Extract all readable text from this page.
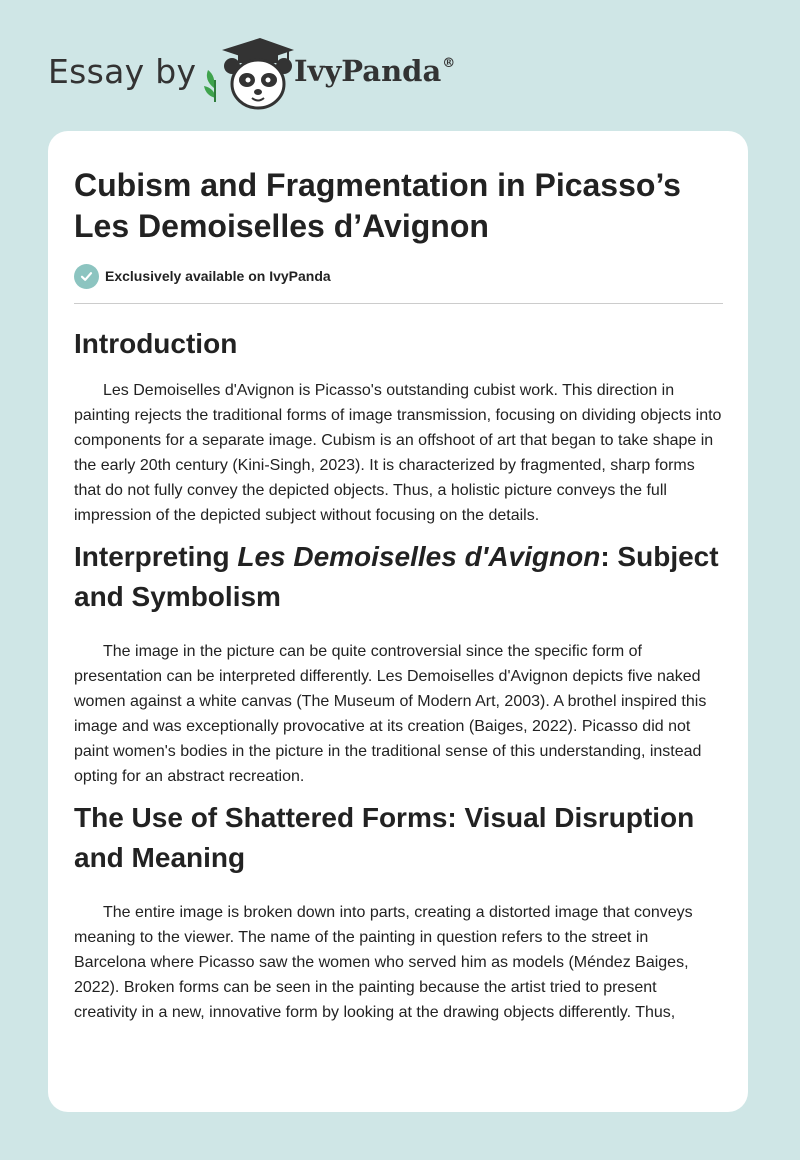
Essay by	IvyPanda®
Cubism and Fragmentation in Picasso’s Les Demoiselles d’Avignon
Exclusively available on IvyPanda
Introduction

Les Demoiselles d'Avignon is Picasso's outstanding cubist work. This direction in painting rejects the traditional forms of image transmission, focusing on dividing objects into components for a separate image. Cubism is an offshoot of art that began to take shape in the early 20th century (Kini-Singh, 2023). It is characterized by fragmented, sharp forms that do not fully convey the depicted objects. Thus, a holistic picture conveys the full impression of the depicted subject without focusing on the details.

Interpreting Les Demoiselles d'Avignon: Subject and Symbolism

The image in the picture can be quite controversial since the specific form of presentation can be interpreted differently. Les Demoiselles d'Avignon depicts five naked women against a white canvas (The Museum of Modern Art, 2003). A brothel inspired this image and was exceptionally provocative at its creation (Baiges, 2022). Picasso did not paint women's bodies in the picture in the traditional sense of this understanding, instead opting for an abstract recreation.

The Use of Shattered Forms: Visual Disruption and Meaning

The entire image is broken down into parts, creating a distorted image that conveys meaning to the viewer. The name of the painting in question refers to the street in Barcelona where Picasso saw the women who served him as models (Méndez Baiges, 2022). Broken forms can be seen in the painting because the artist tried to present creativity in a new, innovative form by looking at the drawing objects differently. Thus,
